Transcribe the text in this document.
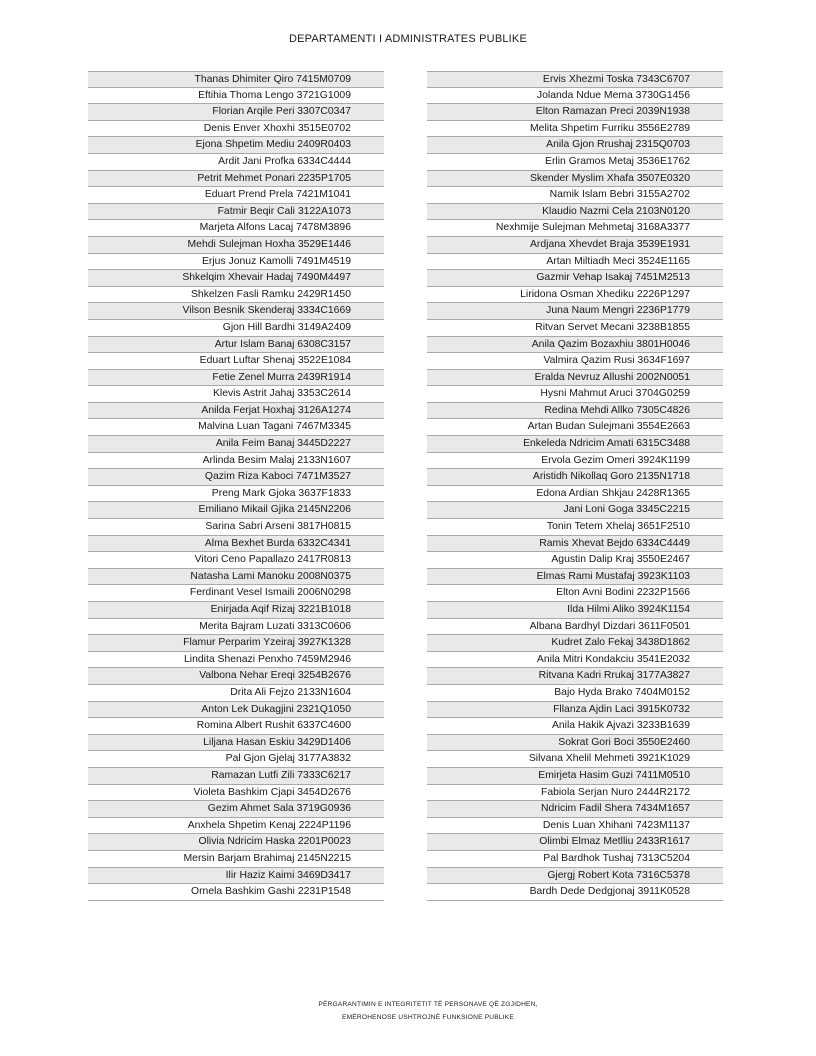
DEPARTAMENTI I ADMINISTRATES PUBLIKE
Thanas Dhimiter Qiro 7415M0709
Eftihia Thoma Lengo 3721G1009
Florian Arqile Peri 3307C0347
Denis Enver Xhoxhi 3515E0702
Ejona Shpetim Mediu 2409R0403
Ardit Jani Profka 6334C4444
Petrit Mehmet Ponari 2235P1705
Eduart Prend Prela 7421M1041
Fatmir Beqir Cali 3122A1073
Marjeta Alfons Lacaj 7478M3896
Mehdi Sulejman Hoxha 3529E1446
Erjus Jonuz Kamolli 7491M4519
Shkelqim Xhevair Hadaj 7490M4497
Shkelzen Fasli Ramku 2429R1450
Vilson Besnik Skenderaj 3334C1669
Gjon Hill Bardhi 3149A2409
Artur Islam Banaj 6308C3157
Eduart Luftar Shenaj 3522E1084
Fetie Zenel Murra 2439R1914
Klevis Astrit Jahaj 3353C2614
Anilda Ferjat Hoxhaj 3126A1274
Malvina Luan Tagani 7467M3345
Anila Feim Banaj 3445D2227
Arlinda Besim Malaj 2133N1607
Qazim Riza Kaboci 7471M3527
Preng Mark Gjoka 3637F1833
Emiliano Mikail Gjika 2145N2206
Sarina Sabri Arseni 3817H0815
Alma Bexhet Burda 6332C4341
Vitori Ceno Papallazo 2417R0813
Natasha Lami Manoku 2008N0375
Ferdinant Vesel Ismaili 2006N0298
Enirjada Aqif Rizaj 3221B1018
Merita Bajram Luzati 3313C0606
Flamur Perparim Yzeiraj 3927K1328
Lindita Shenazi Penxho 7459M2946
Valbona Nehar Ereqi 3254B2676
Drita Ali Fejzo 2133N1604
Anton Lek Dukagjini 2321Q1050
Romina Albert Rushit 6337C4600
Liljana Hasan Eskiu 3429D1406
Pal Gjon Gjelaj 3177A3832
Ramazan Lutfi Zili 7333C6217
Violeta Bashkim Cjapi 3454D2676
Gezim Ahmet Sala 3719G0936
Anxhela Shpetim Kenaj 2224P1196
Olivia Ndricim Haska 2201P0023
Mersin Barjam Brahimaj 2145N2215
Ilir Haziz Kaimi 3469D3417
Ornela Bashkim Gashi 2231P1548
Ervis Xhezmi Toska 7343C6707
Jolanda Ndue Mema 3730G1456
Elton Ramazan Preci 2039N1938
Melita Shpetim Furriku 3556E2789
Anila Gjon Rrushaj 2315Q0703
Erlin Gramos Metaj 3536E1762
Skender Myslim Xhafa 3507E0320
Namik Islam Bebri 3155A2702
Klaudio Nazmi Cela 2103N0120
Nexhmije Sulejman Mehmetaj 3168A3377
Ardjana Xhevdet Braja 3539E1931
Artan Miltiadh Meci 3524E1165
Gazmir Vehap Isakaj 7451M2513
Liridona Osman Xhediku 2226P1297
Juna Naum Mengri 2236P1779
Ritvan Servet Mecani 3238B1855
Anila Qazim Bozaxhiu 3801H0046
Valmira Qazim Rusi 3634F1697
Eralda Nevruz Allushi 2002N0051
Hysni Mahmut Aruci 3704G0259
Redina Mehdi Allko 7305C4826
Artan Budan Sulejmani 3554E2663
Enkeleda Ndricim Amati 6315C3488
Ervola Gezim Omeri 3924K1199
Aristidh Nikollaq Goro 2135N1718
Edona Ardian Shkjau 2428R1365
Jani Loni Goga 3345C2215
Tonin Tetem Xhelaj 3651F2510
Ramis Xhevat Bejdo 6334C4449
Agustin Dalip Kraj 3550E2467
Elmas Rami Mustafaj 3923K1103
Elton Avni Bodini 2232P1566
Ilda Hilmi Aliko 3924K1154
Albana Bardhyl Dizdari 3611F0501
Kudret Zalo Fekaj 3438D1862
Anila Mitri Kondakciu 3541E2032
Ritvana Kadri Rrukaj 3177A3827
Bajo Hyda Brako 7404M0152
Fllanza Ajdin Laci 3915K0732
Anila Hakik Ajvazi 3233B1639
Sokrat Gori Boci 3550E2460
Silvana Xhelil Mehmeti 3921K1029
Emirjeta Hasim Guzi 7411M0510
Fabiola Serjan Nuro 2444R2172
Ndricim Fadil Shera 7434M1657
Denis Luan Xhihani 7423M1137
Olimbi Elmaz Metlliu 2433R1617
Pal Bardhok Tushaj 7313C5204
Gjergj Robert Kota 7316C5378
Bardh Dede Dedgjonaj 3911K0528
PËRGARANTIMIN E INTEGRITETIT TË PERSONAVE QË ZGJIDHEN,
EMËROHENOSE USHTROJNË FUNKSIONE PUBLIKE
